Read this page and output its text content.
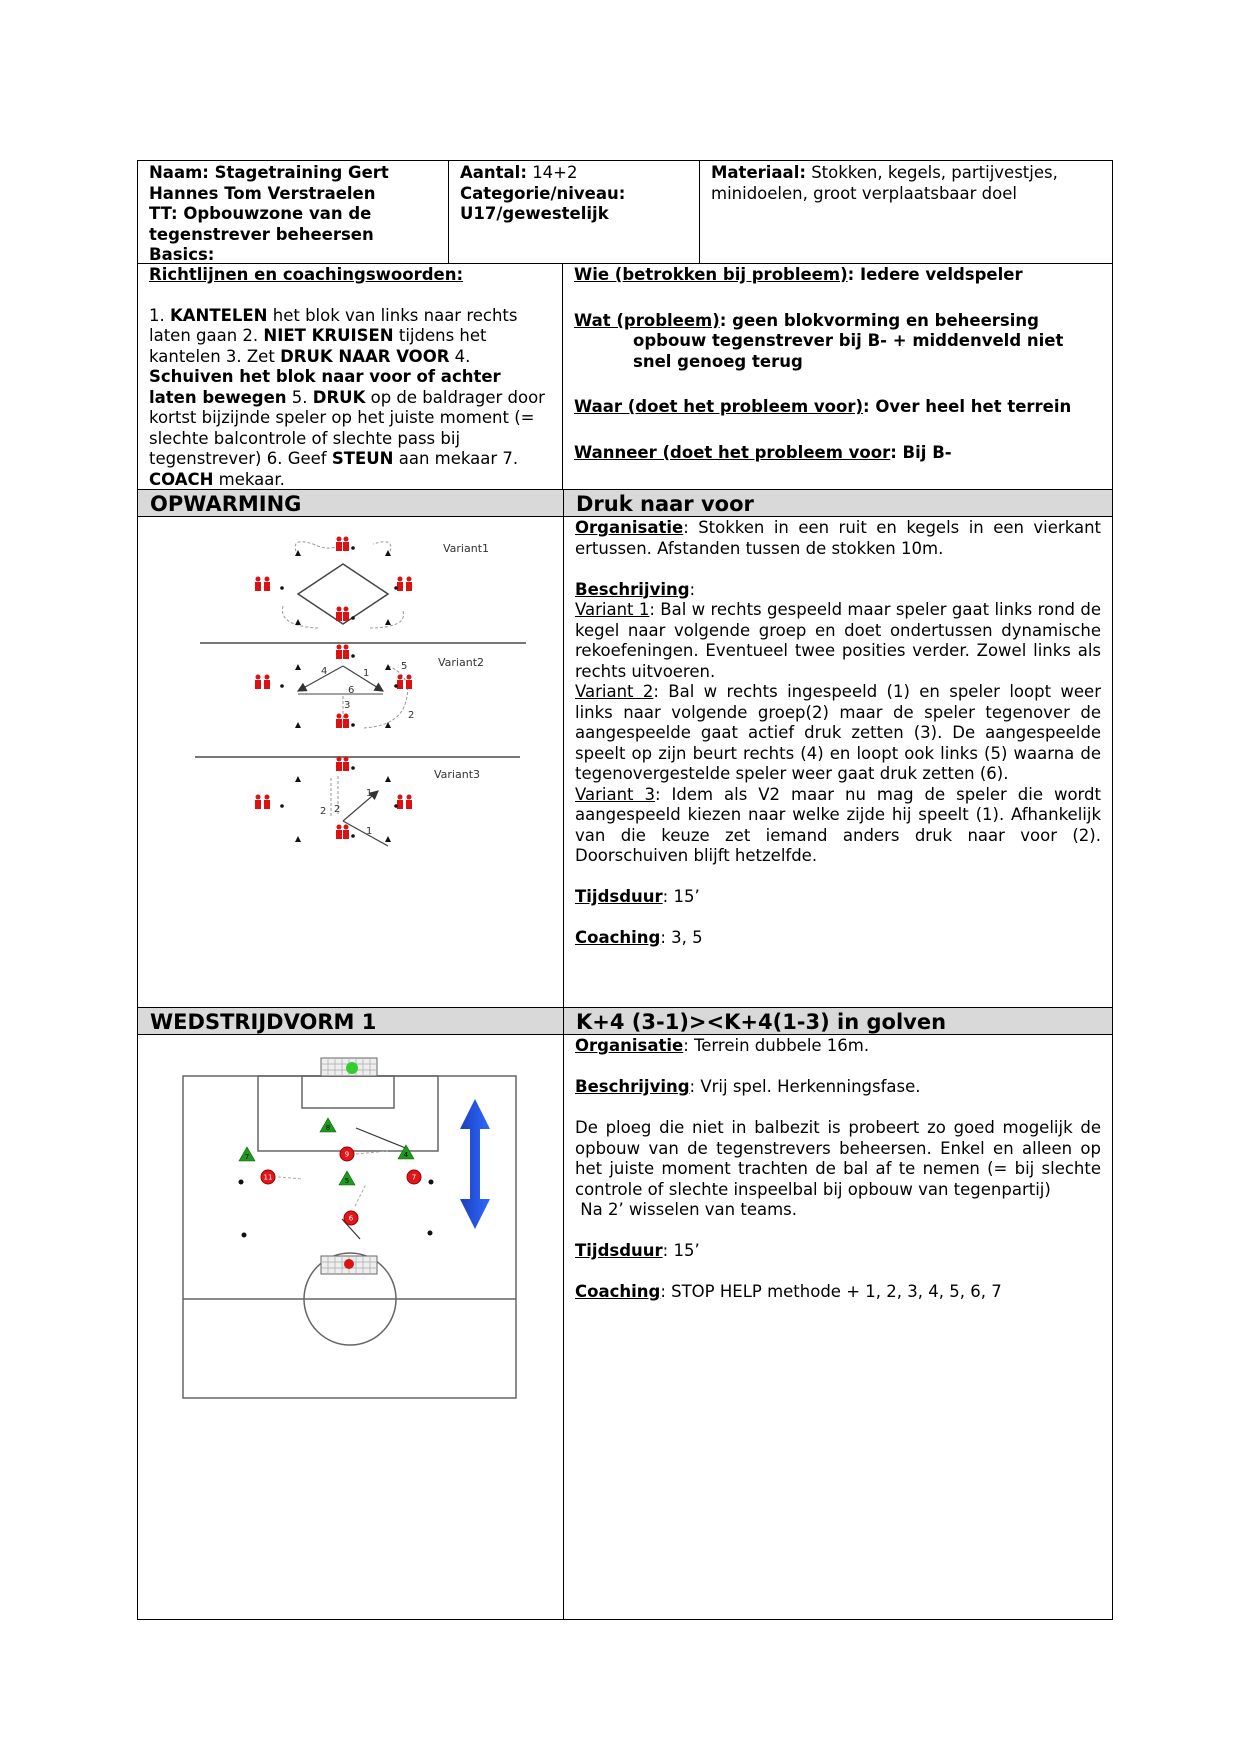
Naam: Stagetraining Gert Hannes Tom Verstraelen

TT: Opbouwzone van de tegenstrever beheersen

Basics:

Aantal: 14+2

Categorie/niveau:

U17/gewestelijk

Materiaal: Stokken, kegels, partijvestjes, minidoelen, groot verplaatsbaar doel

Richtlijnen en coachingswoorden:

1. KANTELEN het blok van links naar rechts laten gaan 2. NIET KRUISEN tijdens het kantelen 3. Zet DRUK NAAR VOOR 4. Schuiven het blok naar voor of achter laten bewegen 5. DRUK op de baldrager door kortst bijzijnde speler op het juiste moment (= slechte balcontrole of slechte pass bij tegenstrever) 6. Geef STEUN aan mekaar 7. COACH mekaar.

Wie (betrokken bij probleem): Iedere veldspeler

Wat (probleem): geen blokvorming en beheersing

opbouw tegenstrever bij B- + middenveld niet

snel genoeg terug

Waar (doet het probleem voor): Over heel het terrein

Wanneer (doet het probleem voor: Bij B-

OPWARMING	Druk naar voor
Variant1
4	1
6
3
5
2
Variant2
1
1
2 2
Variant3

Organisatie: Stokken in een ruit en kegels in een vierkant ertussen. Afstanden tussen de stokken 10m.

Beschrijving:

Variant 1: Bal w rechts gespeeld maar speler gaat links rond de kegel naar volgende groep en doet ondertussen dynamische rekoefeningen. Eventueel twee posities verder. Zowel links als rechts uitvoeren.

Variant 2: Bal w rechts ingespeeld (1) en speler loopt weer links naar volgende groep(2) maar de speler tegenover de aangespeelde gaat actief druk zetten (3). De aangespeelde speelt op zijn beurt rechts (4) en loopt ook links (5) waarna de tegenovergestelde speler weer gaat druk zetten (6).

Variant 3: Idem als V2 maar nu mag de speler die wordt aangespeeld kiezen naar welke zijde hij speelt (1). Afhankelijk van die keuze zet iemand anders druk naar voor (2). Doorschuiven blijft hetzelfde.

Tijdsduur: 15’

Coaching: 3, 5

WEDSTRIJDVORM 1	K+4 (3-1)><K+4(1-3) in golven
8
7	4
5
9
11	7
6

Organisatie: Terrein dubbele 16m.

Beschrijving: Vrij spel. Herkenningsfase.

De ploeg die niet in balbezit is probeert zo goed mogelijk de opbouw van de tegenstrevers beheersen. Enkel en alleen op het juiste moment trachten de bal af te nemen (= bij slechte controle of slechte inspeelbal bij opbouw van tegenpartij)

Na 2’ wisselen van teams.

Tijdsduur: 15’

Coaching: STOP HELP methode + 1, 2, 3, 4, 5, 6, 7
